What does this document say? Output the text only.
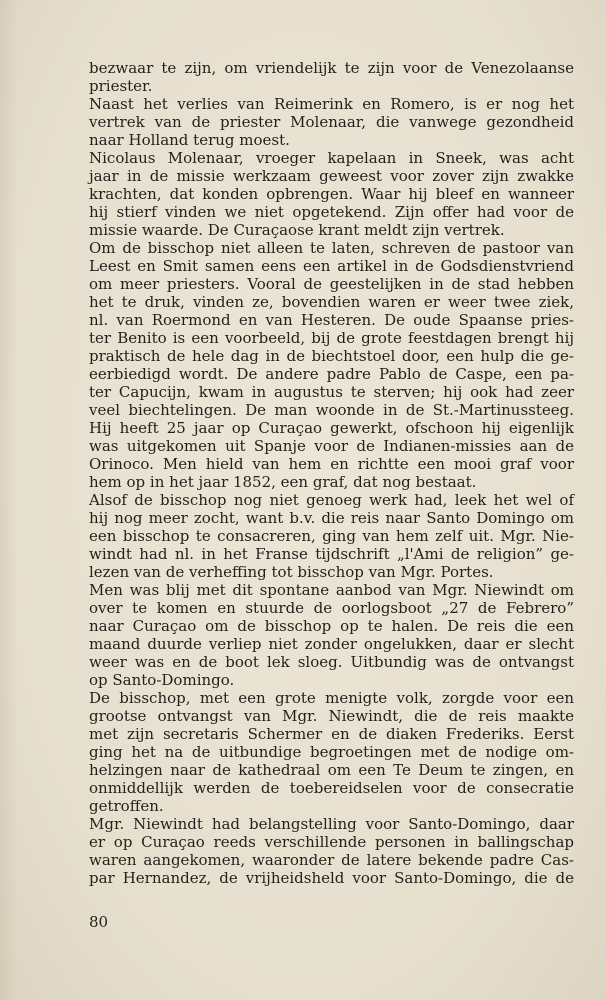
bezwaar te zijn, om vriendelijk te zijn voor de Venezolaanse
priester.
Naast het verlies van Reimerink en Romero, is er nog het
vertrek van de priester Molenaar, die vanwege gezondheid
naar Holland terug moest.
Nicolaus Molenaar, vroeger kapelaan in Sneek, was acht
jaar in de missie werkzaam geweest voor zover zijn zwakke
krachten, dat konden opbrengen. Waar hij bleef en wanneer
hij stierf vinden we niet opgetekend. Zijn offer had voor de
missie waarde. De Curaçaose krant meldt zijn vertrek.
Om de bisschop niet alleen te laten, schreven de pastoor van
Leest en Smit samen eens een artikel in de Godsdienstvriend
om meer priesters. Vooral de geestelijken in de stad hebben
het te druk, vinden ze, bovendien waren er weer twee ziek,
nl. van Roermond en van Hesteren. De oude Spaanse pries-
ter Benito is een voorbeeld, bij de grote feestdagen brengt hij
praktisch de hele dag in de biechtstoel door, een hulp die ge-
eerbiedigd wordt. De andere padre Pablo de Caspe, een pa-
ter Capucijn, kwam in augustus te sterven; hij ook had zeer
veel biechtelingen. De man woonde in de St.-Martinussteeg.
Hij heeft 25 jaar op Curaçao gewerkt, ofschoon hij eigenlijk
was uitgekomen uit Spanje voor de Indianen-missies aan de
Orinoco. Men hield van hem en richtte een mooi graf voor
hem op in het jaar 1852, een graf, dat nog bestaat.
Alsof de bisschop nog niet genoeg werk had, leek het wel of
hij nog meer zocht, want b.v. die reis naar Santo Domingo om
een bisschop te consacreren, ging van hem zelf uit. Mgr. Nie-
windt had nl. in het Franse tijdschrift „l'Ami de religion” ge-
lezen van de verheffing tot bisschop van Mgr. Portes.
Men was blij met dit spontane aanbod van Mgr. Niewindt om
over te komen en stuurde de oorlogsboot „27 de Febrero”
naar Curaçao om de bisschop op te halen. De reis die een
maand duurde verliep niet zonder ongelukken, daar er slecht
weer was en de boot lek sloeg. Uitbundig was de ontvangst
op Santo-Domingo.
De bisschop, met een grote menigte volk, zorgde voor een
grootse ontvangst van Mgr. Niewindt, die de reis maakte
met zijn secretaris Schermer en de diaken Frederiks. Eerst
ging het na de uitbundige begroetingen met de nodige om-
helzingen naar de kathedraal om een Te Deum te zingen, en
onmiddellijk werden de toebereidselen voor de consecratie
getroffen.
Mgr. Niewindt had belangstelling voor Santo-Domingo, daar
er op Curaçao reeds verschillende personen in ballingschap
waren aangekomen, waaronder de latere bekende padre Cas-
par Hernandez, de vrijheidsheld voor Santo-Domingo, die de
80
